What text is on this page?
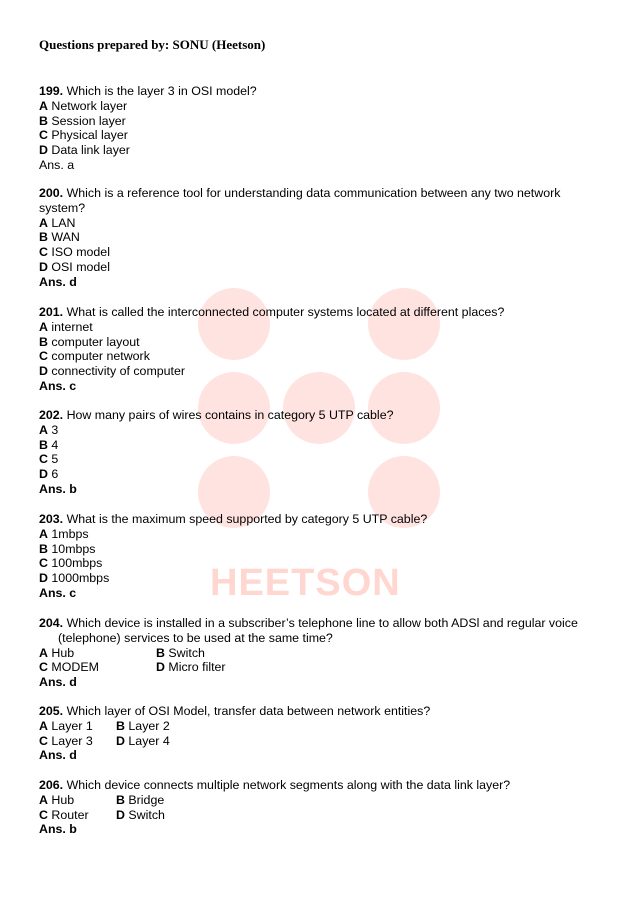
HEETSON
Questions prepared by: SONU (Heetson)
199. Which is the layer 3 in OSI model?
A Network layer
B Session layer
C Physical layer
D Data link layer
Ans. a
200. Which is a reference tool for understanding data communication between any two network
system?
A LAN
B WAN
C ISO model
D OSI model
Ans. d
201. What is called the interconnected computer systems located at different places?
A internet
B computer layout
C computer network
D connectivity of computer
Ans. c
202. How many pairs of wires contains in category 5 UTP cable?
A 3
B 4
C 5
D 6
Ans. b
203. What is the maximum speed supported by category 5 UTP cable?
A 1mbps
B 10mbps
C 100mbps
D 1000mbps
Ans. c
204. Which device is installed in a subscriber’s telephone line to allow both ADSl and regular voice
(telephone) services to be used at the same time?
A Hub	B Switch
C MODEM	D Micro filter
Ans. d
205. Which layer of OSI Model, transfer data between network entities?
A Layer 1 B Layer 2
C Layer 3 D Layer 4
Ans. d
206. Which device connects multiple network segments along with the data link layer?
A Hub	B Bridge
C Router D Switch
Ans. b
